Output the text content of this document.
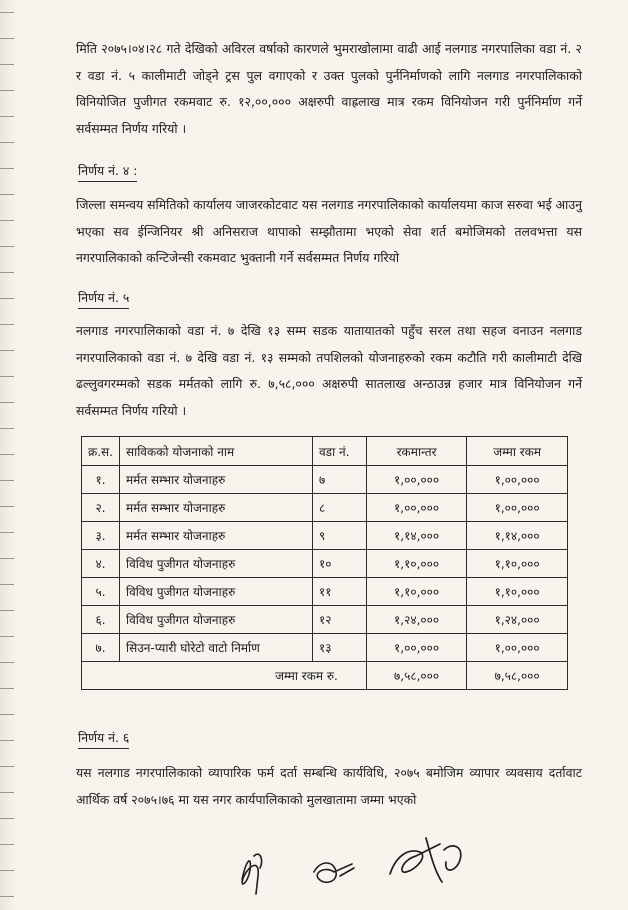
मिति २०७५।०४।२८ गते देखिको अविरल वर्षाको कारणले भुमराखोलामा वाढी आई नलगाड नगरपालिका वडा नं. २ र वडा नं. ५ कालीमाटी जोड्ने ट्रस पुल वगाएको र उक्त पुलको पुर्ननिर्माणको लागि नलगाड नगरपालिकाको विनियोजित पुजीगत रकमवाट रु. १२,००,००० अक्षरुपी वाह्रलाख मात्र रकम विनियोजन गरी पुर्ननिर्माण गर्ने सर्वसम्मत निर्णय गरियो ।

निर्णय नं. ४ :

जिल्ला समन्वय समितिको कार्यालय जाजरकोटवाट यस नलगाड नगरपालिकाको कार्यालयमा काज सरुवा भई आउनु भएका सव ईन्जिनियर श्री अनिसराज थापाको सम्झौतामा भएको सेवा शर्त बमोजिमको तलवभत्ता यस नगरपालिकाको कन्टिजेन्सी रकमवाट भुक्तानी गर्ने सर्वसम्मत निर्णय गरियो

निर्णय नं. ५

नलगाड नगरपालिकाको वडा नं. ७ देखि १३ सम्म सडक यातायातको पहुँच सरल तथा सहज वनाउन नलगाड नगरपालिकाको वडा नं. ७ देखि वडा नं. १३ सम्मको तपशिलको योजनाहरुको रकम कटौति गरी कालीमाटी देखि ढल्लुवगरम्मको सडक मर्मतको लागि रु. ७,५८,००० अक्षरुपी सातलाख अन्ठाउन्न हजार मात्र विनियोजन गर्ने सर्वसम्मत निर्णय गरियो ।

क्र.स.	साविकको योजनाको नाम	वडा नं.	रकमान्तर	जम्मा रकम
१.	मर्मत सम्भार योजनाहरु	७	१,००,०००	१,००,०००
२.	मर्मत सम्भार योजनाहरु	८	१,००,०००	१,००,०००
३.	मर्मत सम्भार योजनाहरु	९	१,१४,०००	१,१४,०००
४.	विविध पुजीगत योजनाहरु	१०	१,१०,०००	१,१०,०००
५.	विविध पुजीगत योजनाहरु	११	१,१०,०००	१,१०,०००
६.	विविध पुजीगत योजनाहरु	१२	१,२४,०००	१,२४,०००
७.	सिउन-प्यारी घोरेटो वाटो निर्माण	१३	१,००,०००	१,००,०००
जम्मा रकम रु.			७,५८,०००	७,५८,०००
निर्णय नं. ६

यस नलगाड नगरपालिकाको व्यापारिक फर्म दर्ता सम्बन्धि कार्यविधि, २०७५ बमोजिम व्यापार व्यवसाय दर्तावाट आर्थिक वर्ष २०७५।७६ मा यस नगर कार्यपालिकाको मुलखातामा जम्मा भएको
